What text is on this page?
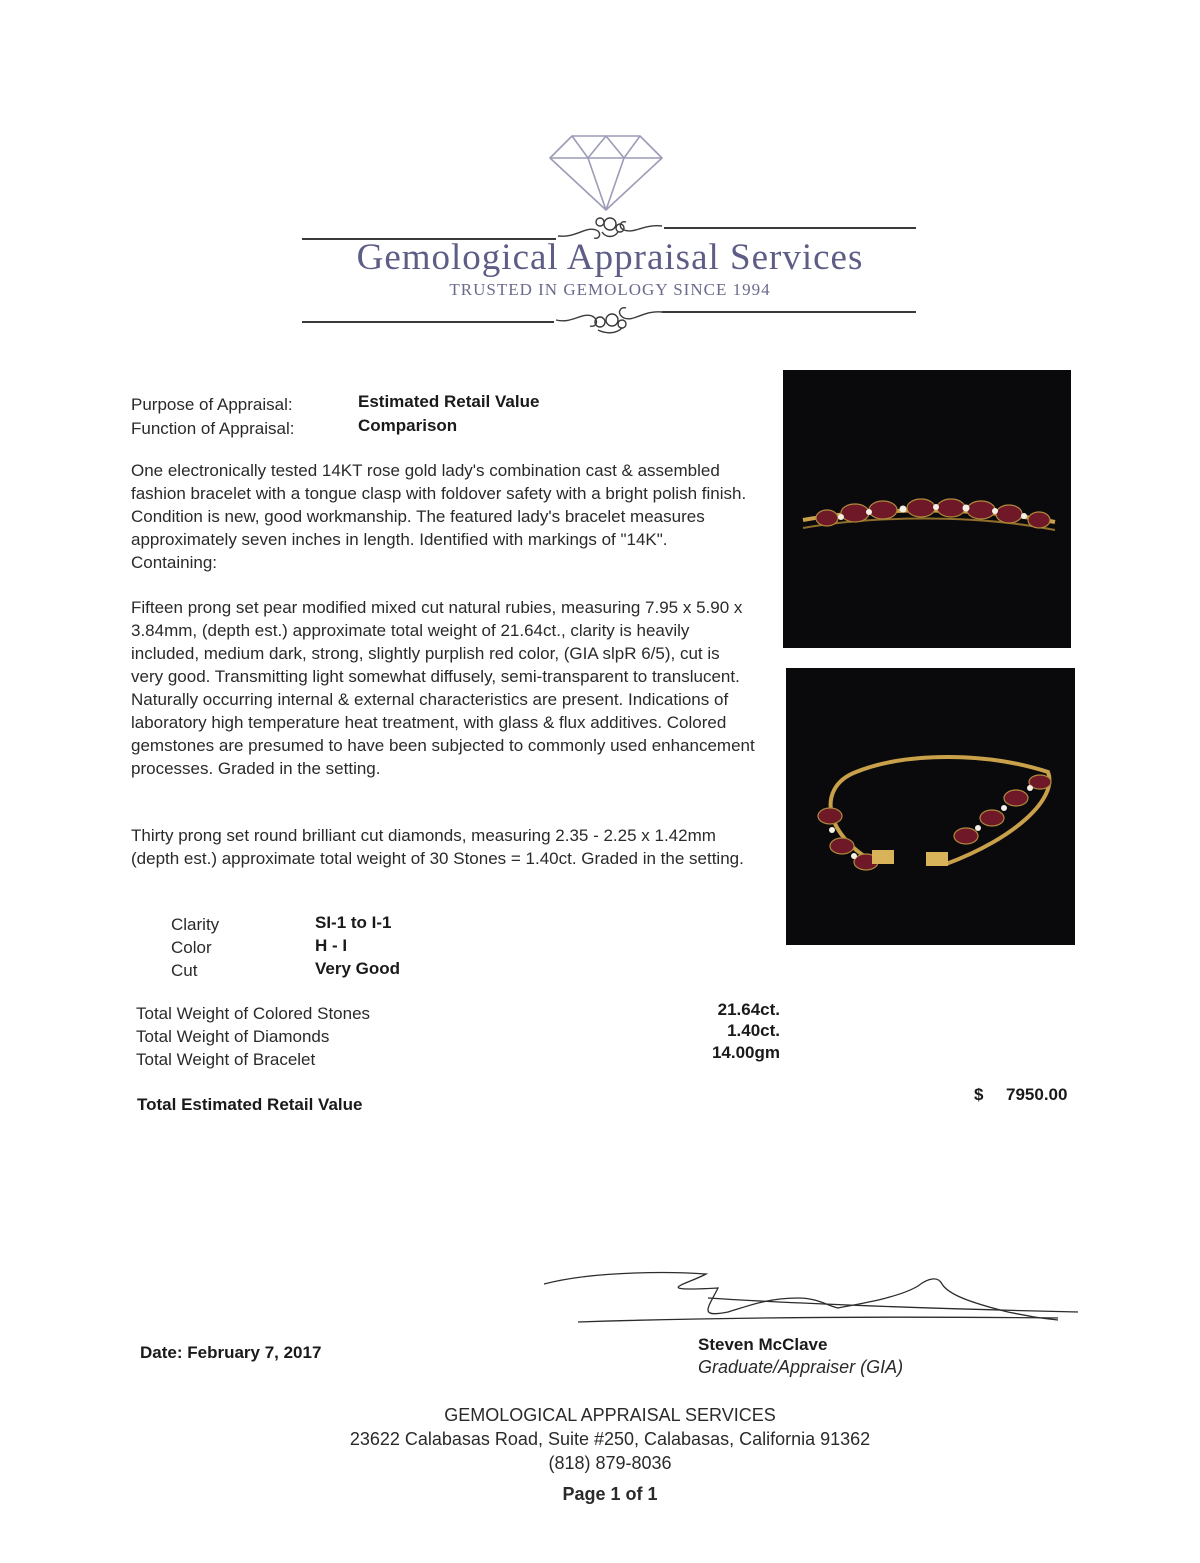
Gemological Appraisal Services
TRUSTED IN GEMOLOGY SINCE 1994
Purpose of Appraisal:	Estimated Retail Value
Function of Appraisal:	Comparison
One electronically tested 14KT rose gold lady's combination cast & assembled fashion bracelet with a tongue clasp with foldover safety with a bright polish finish. Condition is new, good workmanship. The featured lady's bracelet measures approximately seven inches in length. Identified with markings of "14K". Containing:
Fifteen prong set pear modified mixed cut natural rubies, measuring 7.95 x 5.90 x 3.84mm, (depth est.) approximate total weight of 21.64ct., clarity is heavily included, medium dark, strong, slightly purplish red color, (GIA slpR 6/5), cut is very good. Transmitting light somewhat diffusely, semi-transparent to translucent. Naturally occurring internal & external characteristics are present. Indications of laboratory high temperature heat treatment, with glass & flux additives. Colored gemstones are presumed to have been subjected to commonly used enhancement processes. Graded in the setting.
Thirty prong set round brilliant cut diamonds, measuring 2.35 - 2.25 x 1.42mm (depth est.) approximate total weight of 30 Stones = 1.40ct. Graded in the setting.
Clarity	SI-1 to I-1
Color	H - I
Cut	Very Good
Total Weight of Colored Stones	21.64ct.
Total Weight of Diamonds	1.40ct.
Total Weight of Bracelet	14.00gm
Total Estimated Retail Value
$ 7950.00
Date: February 7, 2017	Steven McClave
Graduate/Appraiser (GIA)
GEMOLOGICAL APPRAISAL SERVICES
23622 Calabasas Road, Suite #250, Calabasas, California 91362
(818) 879-8036
Page 1 of 1
